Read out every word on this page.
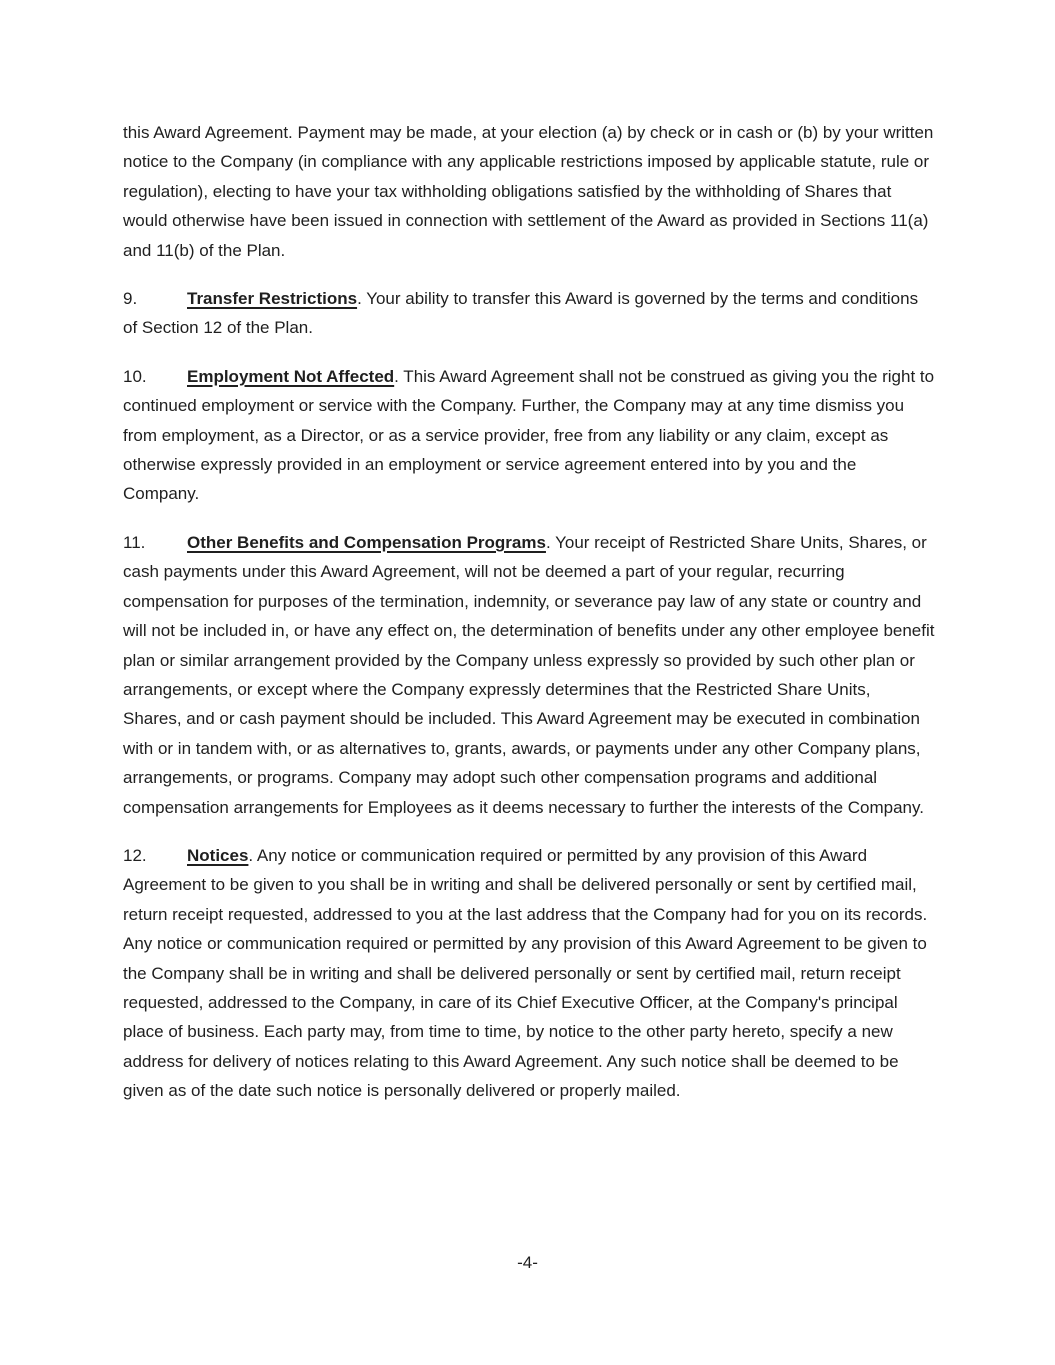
this Award Agreement. Payment may be made, at your election (a) by check or in cash or (b) by your written notice to the Company (in compliance with any applicable restrictions imposed by applicable statute, rule or regulation), electing to have your tax withholding obligations satisfied by the withholding of Shares that would otherwise have been issued in connection with settlement of the Award as provided in Sections 11(a) and 11(b) of the Plan.

9.	Transfer Restrictions. Your ability to transfer this Award is governed by the terms and conditions of Section 12 of the Plan.

10. Employment Not Affected. This Award Agreement shall not be construed as giving you the right to continued employment or service with the Company. Further, the Company may at any time dismiss you from employment, as a Director, or as a service provider, free from any liability or any claim, except as otherwise expressly provided in an employment or service agreement entered into by you and the Company.

11. Other Benefits and Compensation Programs. Your receipt of Restricted Share Units, Shares, or cash payments under this Award Agreement, will not be deemed a part of your regular, recurring compensation for purposes of the termination, indemnity, or severance pay law of any state or country and will not be included in, or have any effect on, the determination of benefits under any other employee benefit plan or similar arrangement provided by the Company unless expressly so provided by such other plan or arrangements, or except where the Company expressly determines that the Restricted Share Units,  Shares, and or cash payment should be included. This Award Agreement may be executed in combination with or in tandem with, or as alternatives to, grants, awards, or payments under any other Company plans, arrangements, or programs. Company may adopt such other compensation programs and additional compensation arrangements for Employees as it deems necessary to further the interests of the Company.

12. Notices. Any notice or communication required or permitted by any provision of this Award Agreement to be given to you shall be in writing and shall be delivered personally or sent by certified mail, return receipt requested, addressed to you at the last address that the Company had for you on its records. Any notice or communication required or permitted by any provision of this Award Agreement to be given to the Company shall be in writing and shall be delivered personally or sent by certified mail, return receipt requested, addressed to the Company, in care of its Chief Executive Officer, at the Company's principal place of business. Each party may, from time to time, by notice to the other party hereto, specify a new address for delivery of notices relating to this Award Agreement. Any such notice shall be deemed to be given as of the date such notice is personally delivered or properly mailed.

-4-
